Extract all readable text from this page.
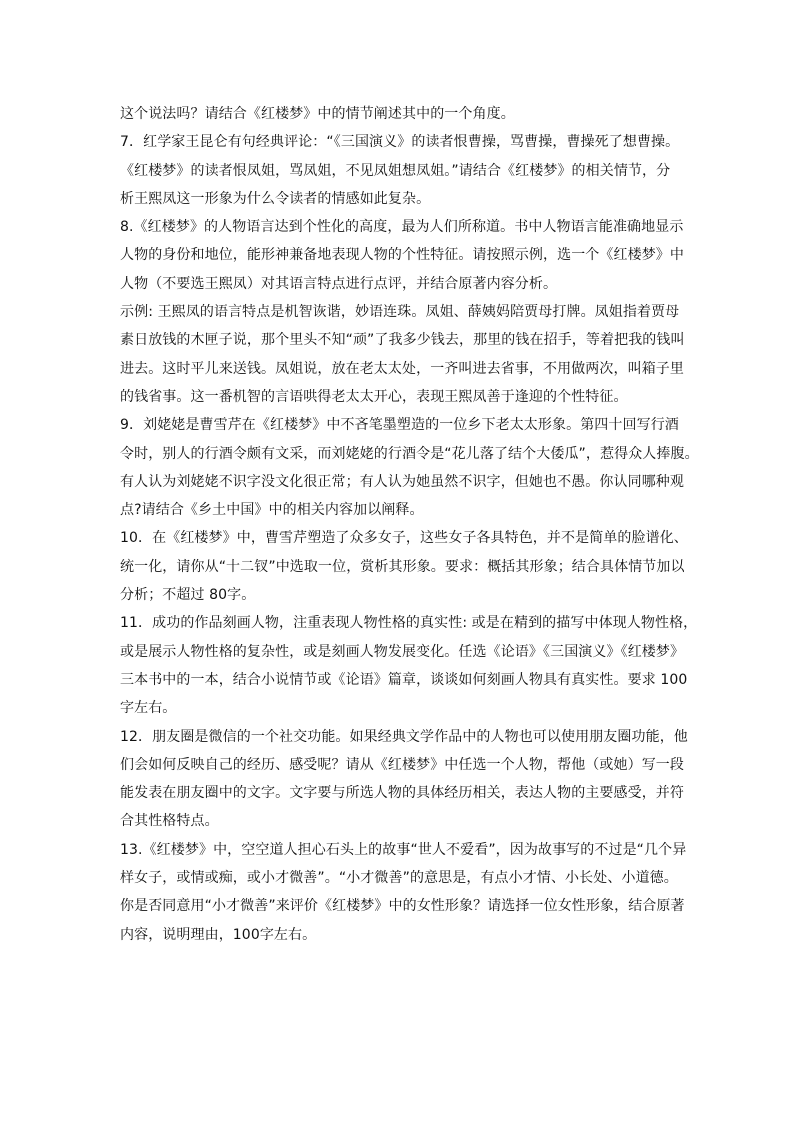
这个说法吗？请结合《红楼梦》中的情节阐述其中的一个角度。
7．红学家王昆仑有句经典评论：“《三国演义》的读者恨曹操，骂曹操，曹操死了想曹操。
《红楼梦》的读者恨凤姐，骂凤姐，不见凤姐想凤姐。”请结合《红楼梦》的相关情节，分
析王熙凤这一形象为什么令读者的情感如此复杂。
8.《红楼梦》的人物语言达到个性化的高度，最为人们所称道。书中人物语言能准确地显示
人物的身份和地位，能形神兼备地表现人物的个性特征。请按照示例，选一个《红楼梦》中
人物（不要选王熙凤）对其语言特点进行点评，并结合原著内容分析。
示例: 王熙凤的语言特点是机智诙谐，妙语连珠。凤姐、薛姨妈陪贾母打牌。凤姐指着贾母
素日放钱的木匣子说，那个里头不知“顽”了我多少钱去，那里的钱在招手，等着把我的钱叫
进去。这时平儿来送钱。凤姐说，放在老太太处，一齐叫进去省事，不用做两次，叫箱子里
的钱省事。这一番机智的言语哄得老太太开心，表现王熙凤善于逢迎的个性特征。
9．刘姥姥是曹雪芹在《红楼梦》中不吝笔墨塑造的一位乡下老太太形象。第四十回写行酒
令时，别人的行酒令颇有文采，而刘姥姥的行酒令是“花儿落了结个大倭瓜”，惹得众人捧腹。
有人认为刘姥姥不识字没文化很正常；有人认为她虽然不识字，但她也不愚。你认同哪种观
点?请结合《乡土中国》中的相关内容加以阐释。
10．在《红楼梦》中，曹雪芹塑造了众多女子，这些女子各具特色，并不是简单的脸谱化、
统一化，请你从“十二钗”中选取一位，赏析其形象。要求：概括其形象；结合具体情节加以
分析；不超过 80字。
11．成功的作品刻画人物，注重表现人物性格的真实性: 或是在精到的描写中体现人物性格，
或是展示人物性格的复杂性，或是刻画人物发展变化。任选《论语》《三国演义》《红楼梦》
三本书中的一本，结合小说情节或《论语》篇章，谈谈如何刻画人物具有真实性。要求 100
字左右。
12．朋友圈是微信的一个社交功能。如果经典文学作品中的人物也可以使用朋友圈功能，他
们会如何反映自己的经历、感受呢？请从《红楼梦》中任选一个人物，帮他（或她）写一段
能发表在朋友圈中的文字。文字要与所选人物的具体经历相关，表达人物的主要感受，并符
合其性格特点。
13.《红楼梦》中，空空道人担心石头上的故事“世人不爱看”，因为故事写的不过是“几个异
样女子，或情或痴，或小才微善”。“小才微善”的意思是，有点小才情、小长处、小道德。
你是否同意用“小才微善”来评价《红楼梦》中的女性形象？请选择一位女性形象，结合原著
内容，说明理由，100字左右。
